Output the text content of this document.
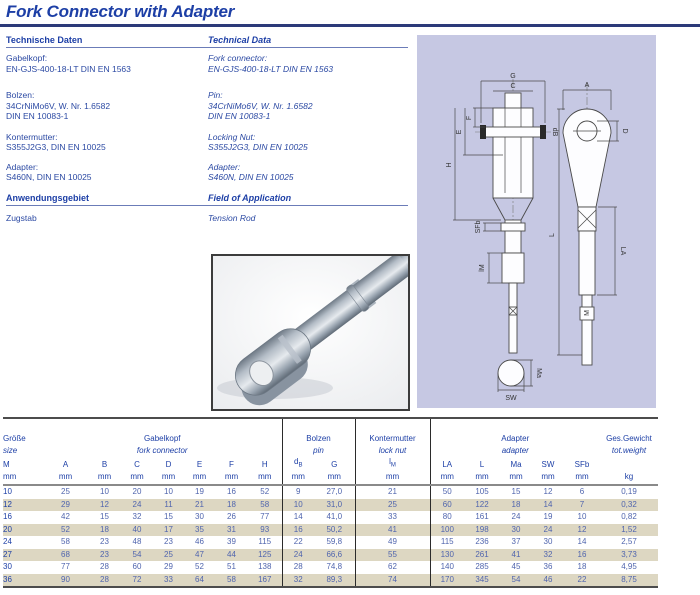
Fork Connector with Adapter
Technische Daten	Technical Data
Gabelkopf:
EN-GJS-400-18-LT DIN EN 1563
Bolzen:
34CrNiMo6V, W. Nr. 1.6582
DIN EN 10083-1
Kontermutter:
S355J2G3, DIN EN 10025
Adapter:
S460N, DIN EN 10025
Fork connector:
EN-GJS-400-18-LT DIN EN 1563
Pin:
34CrNiMo6V, W. Nr. 1.6582
DIN EN 10083-1
Locking Nut:
S355J2G3, DIN EN 10025
Adapter:
S460N, DIN EN 10025
Anwendungsgebiet	Field of Application
Zugstab	Tension Rod
G
C
dB
F
E
H
SFb
lM
Ma
SW
A
D
L
LA
M
Größe	Gabelkopf							Bolzen		Kontermutter	Adapter					Ges.Gewicht
size	fork connector							pin		lock nut	adapter					tot.weight
M	A	B	C	D	E	F	H	$d_B$	G	$l_M$	LA	L	Ma	SW	SFb	
mm	mm	mm	mm	mm	mm	mm	mm	mm	mm	mm	mm	mm	mm	mm	mm	kg
10	25	10	20	10	19	16	52	9	27,0	21	50	105	15	12	6	0,19
12	29	12	24	11	21	18	58	10	31,0	25	60	122	18	14	7	0,32
16	42	15	32	15	30	26	77	14	41,0	33	80	161	24	19	10	0,82
20	52	18	40	17	35	31	93	16	50,2	41	100	198	30	24	12	1,52
24	58	23	48	23	46	39	115	22	59,8	49	115	236	37	30	14	2,57
27	68	23	54	25	47	44	125	24	66,6	55	130	261	41	32	16	3,73
30	77	28	60	29	52	51	138	28	74,8	62	140	285	45	36	18	4,95
36	90	28	72	33	64	58	167	32	89,3	74	170	345	54	46	22	8,75
